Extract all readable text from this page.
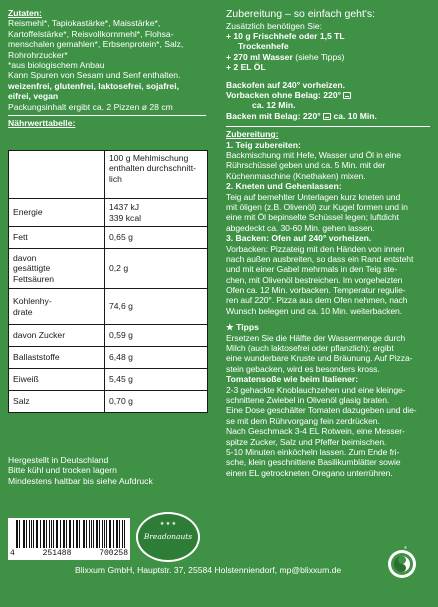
Zutaten:
Reismehl*, Tapiokastärke*, Maisstärke*,
Kartoffelstärke*, Reisvollkornmehl*, Flohsa-
menschalen gemahlen*, Erbsenprotein*, Salz,
Rohrohrzucker*
*aus biologischem Anbau
Kann Spuren von Sesam und Senf enthalten.
weizenfrei, glutenfrei, laktosefrei, sojafrei,
eifrei, vegan
Packungsinhalt ergibt ca. 2 Pizzen ø 28 cm
Nährwerttabelle:

	100 g Mehlmischung
enthalten durchschnitt-
lich

Energie	1437 kJ
339 kcal

Fett	0,65 g

davon
gesättigte
Fettsäuren	0,2 g

Kohlenhy-
drate	74,6 g

davon Zucker	0,59 g

Ballaststoffe	6,48 g

Eiweiß	5,45 g

Salz	0,70 g
Hergestellt in Deutschland
Bitte kühl und trocken lagern
Mindestens haltbar bis siehe Aufdruck
4	251488	700258
★ ★ ★
Breadonauts
Zubereitung – so einfach geht's:
Zusätzlich benötigen Sie:
+ 10 g Frischhefe oder 1,5 TL
Trockenhefe
+ 270 ml Wasser (siehe Tipps)
+ 2 EL ÖL
Backofen auf 240° vorheizen.
Vorbacken ohne Belag: 220°
ca. 12 Min.
Backen mit Belag: 220° ca. 10 Min.
Zubereitung:
1. Teig zubereiten:
Backmischung mit Hefe, Wasser und Öl in eine
Rührschüssel geben und ca. 5 Min. mit der
Küchenmaschine (Knethaken) mixen.
2. Kneten und Gehenlassen:
Teig auf bemehlter Unterlagen kurz kneten und
mit öligen (z.B. Olivenöl) zur Kugel formen und in
eine mit Öl bepinselte Schüssel legen; luftdicht
abgedeckt ca. 30-60 Min. gehen lassen.
3. Backen: Ofen auf 240° vorheizen.
Vorbacken: Pizzateig mit den Händen von innen
nach außen ausbreiten, so dass ein Rand entsteht
und mit einer Gabel mehrmals in den Teig ste-
chen, mit Olivenöl bestreichen. Im vorgeheizten
Ofen ca. 12 Min. vorbacken. Temperatur regulie-
ren auf 220°. Pizza aus dem Ofen nehmen, nach
Wunsch belegen und ca. 10 Min. weiterbacken.
★ Tipps
Ersetzen Sie die Hälfte der Wassermenge durch
Milch (auch laktosefrei oder pflanzlich); ergibt
eine wunderbare Kruste und Bräunung. Auf Pizza-
stein gebacken, wird es besonders kross.
Tomatensoße wie beim Italiener:
2-3 gehackte Knoblauchzehen und eine kleinge-
schnittene Zwiebel in Olivenöl glasig braten.
Eine Dose geschälter Tomaten dazugeben und die-
se mit dem Rührvorgang fein zerdrücken.
Nach Geschmack 3-4 EL Rotwein, eine Messer-
spitze Zucker, Salz und Pfeffer beimischen.
5-10 Minuten einköcheln lassen. Zum Ende fri-
sche, klein geschnittene Basilikumblätter sowie
einen EL getrockneten Oregano unterrühren.
®
Blixxum GmbH, Hauptstr. 37, 25584 Holstenniendorf, mp@blixxum.de
